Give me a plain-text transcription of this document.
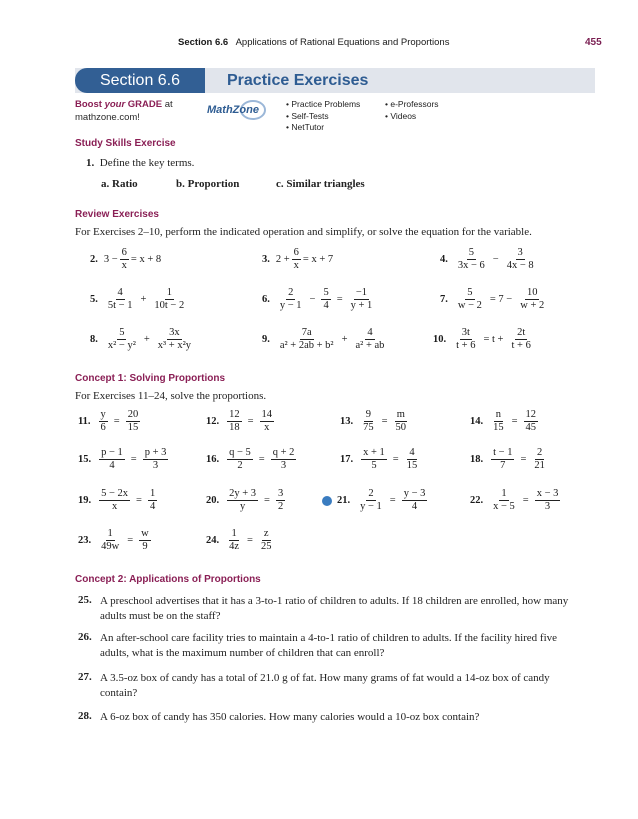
Section 6.6 Applications of Rational Equations and Proportions	455
Section 6.6	Practice Exercises
Boost your GRADE at
mathzone.com!
MathZone	• Practice Problems
• Self-Tests
• NetTutor
• e-Professors
• Videos
Study Skills Exercise
1. Define the key terms.
a. Ratio	b. Proportion	c. Similar triangles
Review Exercises
For Exercises 2–10, perform the indicated operation and simplify, or solve the equation for the variable.
2. $3 - \frac{6}{x} = x + 8$	3. $2 + \frac{6}{x} = x + 7$	4. $\frac{5}{3x - 6} - \frac{3}{4x - 8}$
5. $\frac{4}{5t - 1} + \frac{1}{10t - 2}$	6. $\frac{2}{y - 1} - \frac{5}{4} = \frac{-1}{y + 1}$	7. $\frac{5}{w - 2} = 7 - \frac{10}{w + 2}$
8. $\frac{5}{\text{x² − y²}} + \frac{3x}{\text{x³ + x²y}}$	9. $\frac{7a}{\text{a² + 2ab + b²}} + \frac{4}{\text{a² + ab}}$	10. $\frac{3t}{t + 6} = t + \frac{2t}{t + 6}$
Concept 1: Solving Proportions
For Exercises 11–24, solve the proportions.
11. $\frac{y}{6} = \frac{20}{15}$	12. $\frac{12}{18} = \frac{14}{x}$	13. $\frac{9}{75} = \frac{m}{50}$	14. $\frac{n}{15} = \frac{12}{45}$
15. $\frac{p - 1}{4} = \frac{p + 3}{3}$	16. $\frac{q - 5}{2} = \frac{q + 2}{3}$	17. $\frac{x + 1}{5} = \frac{4}{15}$	18. $\frac{t - 1}{7} = \frac{2}{21}$
19. $\frac{5 - 2x}{x} = \frac{1}{4}$	20. $\frac{2y + 3}{y} = \frac{3}{2}$	21. $\frac{2}{y - 1} = \frac{y - 3}{4}$	22. $\frac{1}{x - 5} = \frac{x - 3}{3}$
23. $\frac{1}{49w} = \frac{w}{9}$	24. $\frac{1}{4z} = \frac{z}{25}$
Concept 2: Applications of Proportions
25. A preschool advertises that it has a 3-to-1 ratio of children to adults. If 18 children are enrolled, how many
adults must be on the staff?
26. An after-school care facility tries to maintain a 4-to-1 ratio of children to adults. If the facility hired five
adults, what is the maximum number of children that can enroll?
27. A 3.5-oz box of candy has a total of 21.0 g of fat. How many grams of fat would a 14-oz box of candy
contain?
28. A 6-oz box of candy has 350 calories. How many calories would a 10-oz box contain?
